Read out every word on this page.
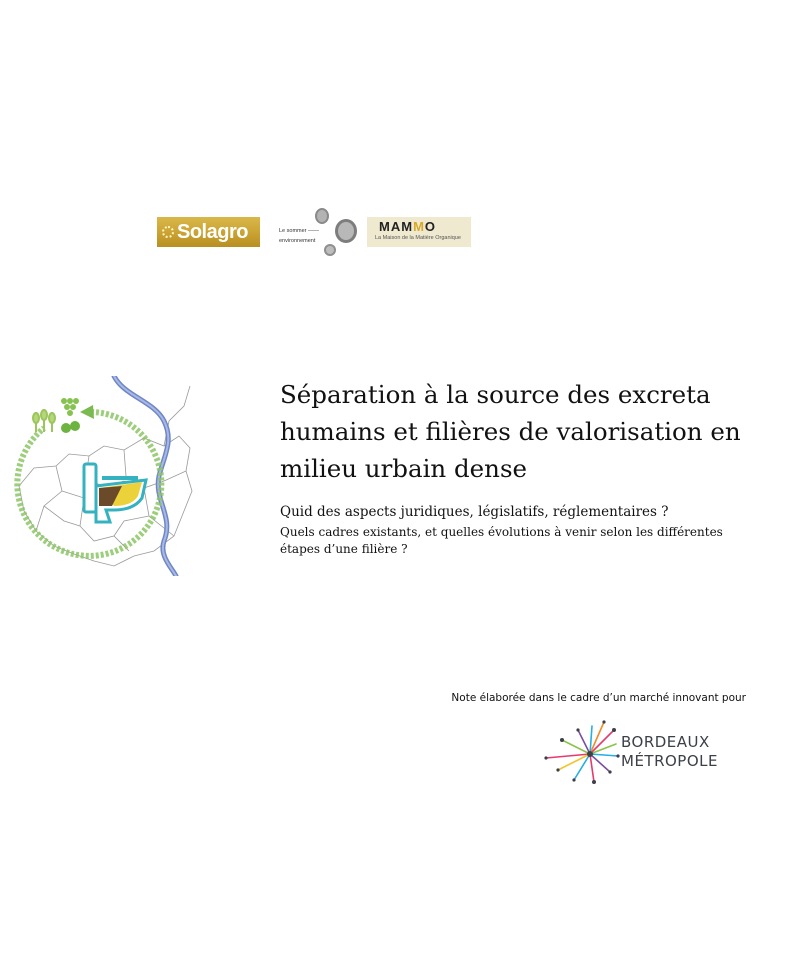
Solagro	Le sommer ——
environnement
MAMMO
La Maison de la Matière Organique
Séparation à la source des excreta humains et filières de valorisation en milieu urbain dense
Quid des aspects juridiques, législatifs, réglementaires ?
Quels cadres existants, et quelles évolutions à venir selon les différentes étapes d’une filière ?
Note élaborée dans le cadre d’un marché innovant pour
BORDEAUX
MÉTROPOLE
